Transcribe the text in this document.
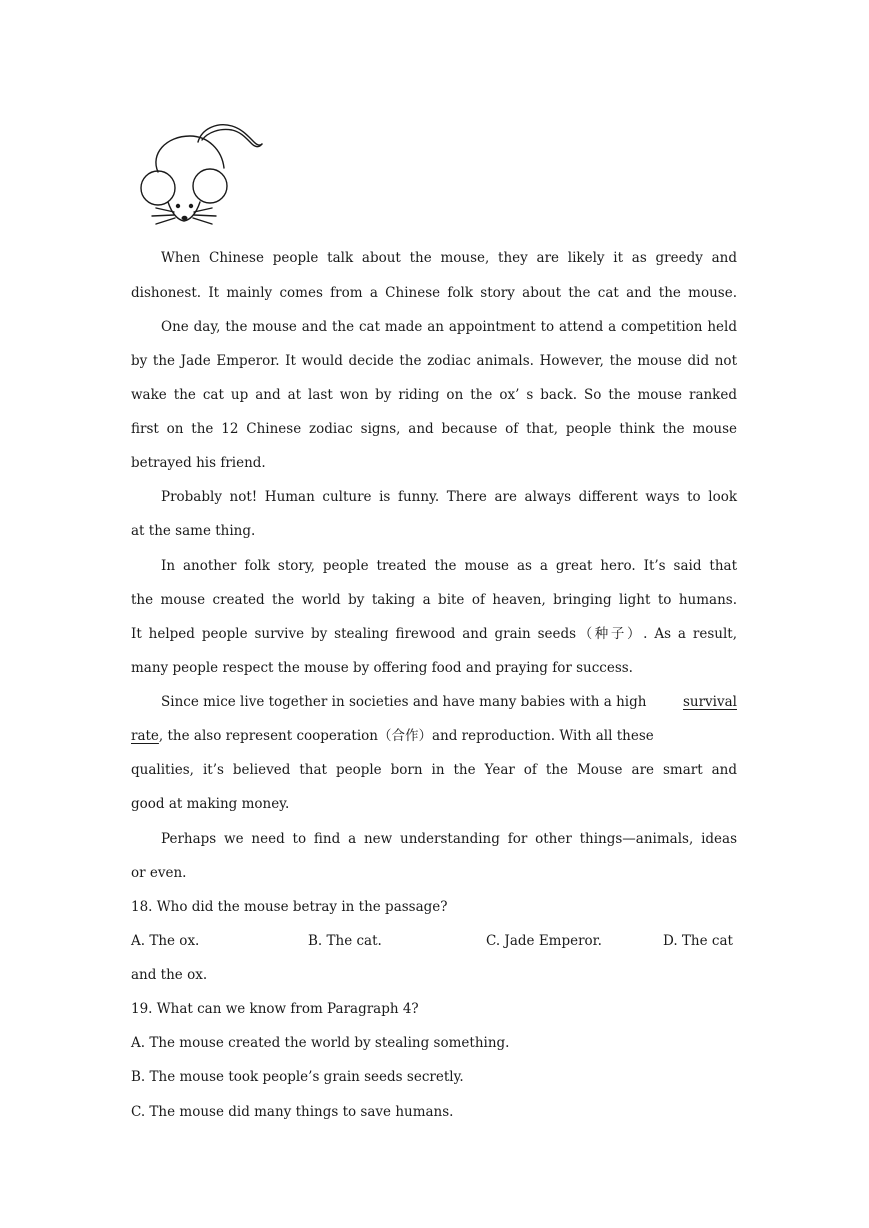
When Chinese people talk about the mouse, they are likely it as greedy and
dishonest. It mainly comes from a Chinese folk story about the cat and the mouse.
One day, the mouse and the cat made an appointment to attend a competition held
by the Jade Emperor. It would decide the zodiac animals. However, the mouse did not
wake the cat up and at last won by riding on the ox’ s back. So the mouse ranked
first on the 12 Chinese zodiac signs, and because of that, people think the mouse
betrayed his friend.
Probably not! Human culture is funny. There are always different ways to look
at the same thing.
In another folk story, people treated the mouse as a great hero. It’s said that
the mouse created the world by taking a bite of heaven, bringing light to humans.
It helped people survive by stealing firewood and grain seeds（种子）. As a result,
many people respect the mouse by offering food and praying for success.
Since mice live together in societies and have many babies with a high	survival
rate, the also represent cooperation（合作）and reproduction. With all these
qualities, it’s believed that people born in the Year of the Mouse are smart and
good at making money.
Perhaps we need to find a new understanding for other things—animals, ideas
or even.
18. Who did the mouse betray in the passage?
A. The ox.	B. The cat.	C. Jade Emperor.	D. The cat
and the ox.
19. What can we know from Paragraph 4?
A. The mouse created the world by stealing something.
B. The mouse took people’s grain seeds secretly.
C. The mouse did many things to save humans.
